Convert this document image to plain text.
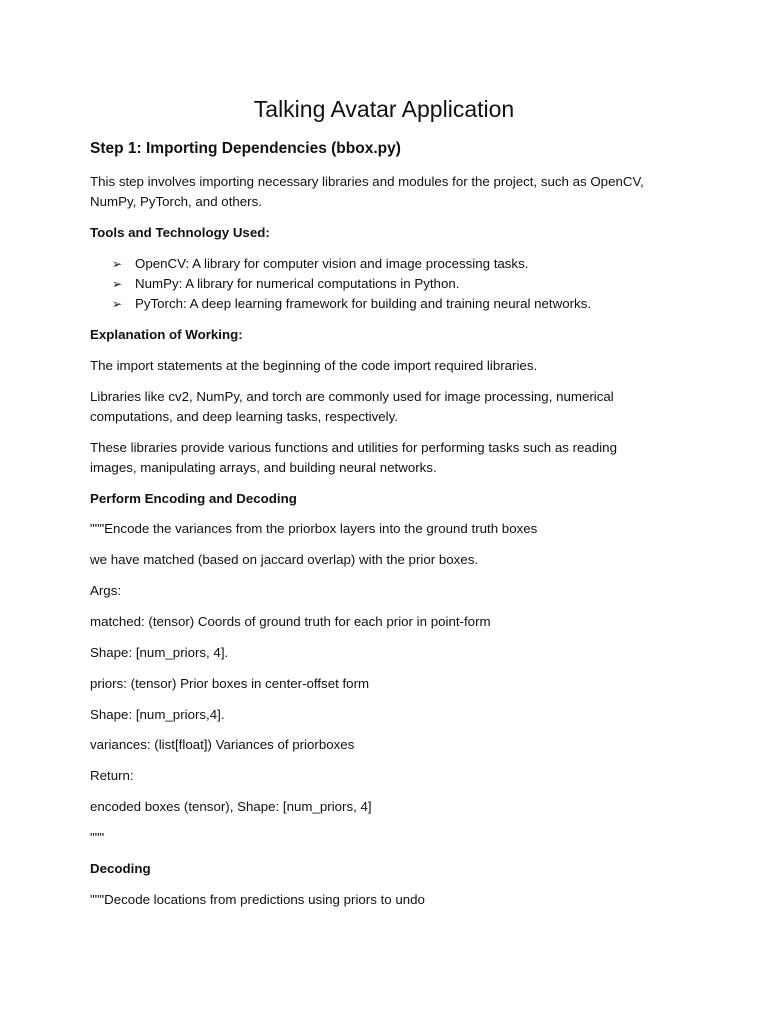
Talking Avatar Application
Step 1: Importing Dependencies (bbox.py)

This step involves importing necessary libraries and modules for the project, such as OpenCV,

NumPy, PyTorch, and others.

Tools and Technology Used:

➢ OpenCV: A library for computer vision and image processing tasks.
➢ NumPy: A library for numerical computations in Python.
➢ PyTorch: A deep learning framework for building and training neural networks.

Explanation of Working:

The import statements at the beginning of the code import required libraries.

Libraries like cv2, NumPy, and torch are commonly used for image processing, numerical

computations, and deep learning tasks, respectively.

These libraries provide various functions and utilities for performing tasks such as reading

images, manipulating arrays, and building neural networks.

Perform Encoding and Decoding

"""Encode the variances from the priorbox layers into the ground truth boxes

we have matched (based on jaccard overlap) with the prior boxes.

Args:

matched: (tensor) Coords of ground truth for each prior in point-form

Shape: [num_priors, 4].

priors: (tensor) Prior boxes in center-offset form

Shape: [num_priors,4].

variances: (list[float]) Variances of priorboxes

Return:

encoded boxes (tensor), Shape: [num_priors, 4]

"""

Decoding

"""Decode locations from predictions using priors to undo
